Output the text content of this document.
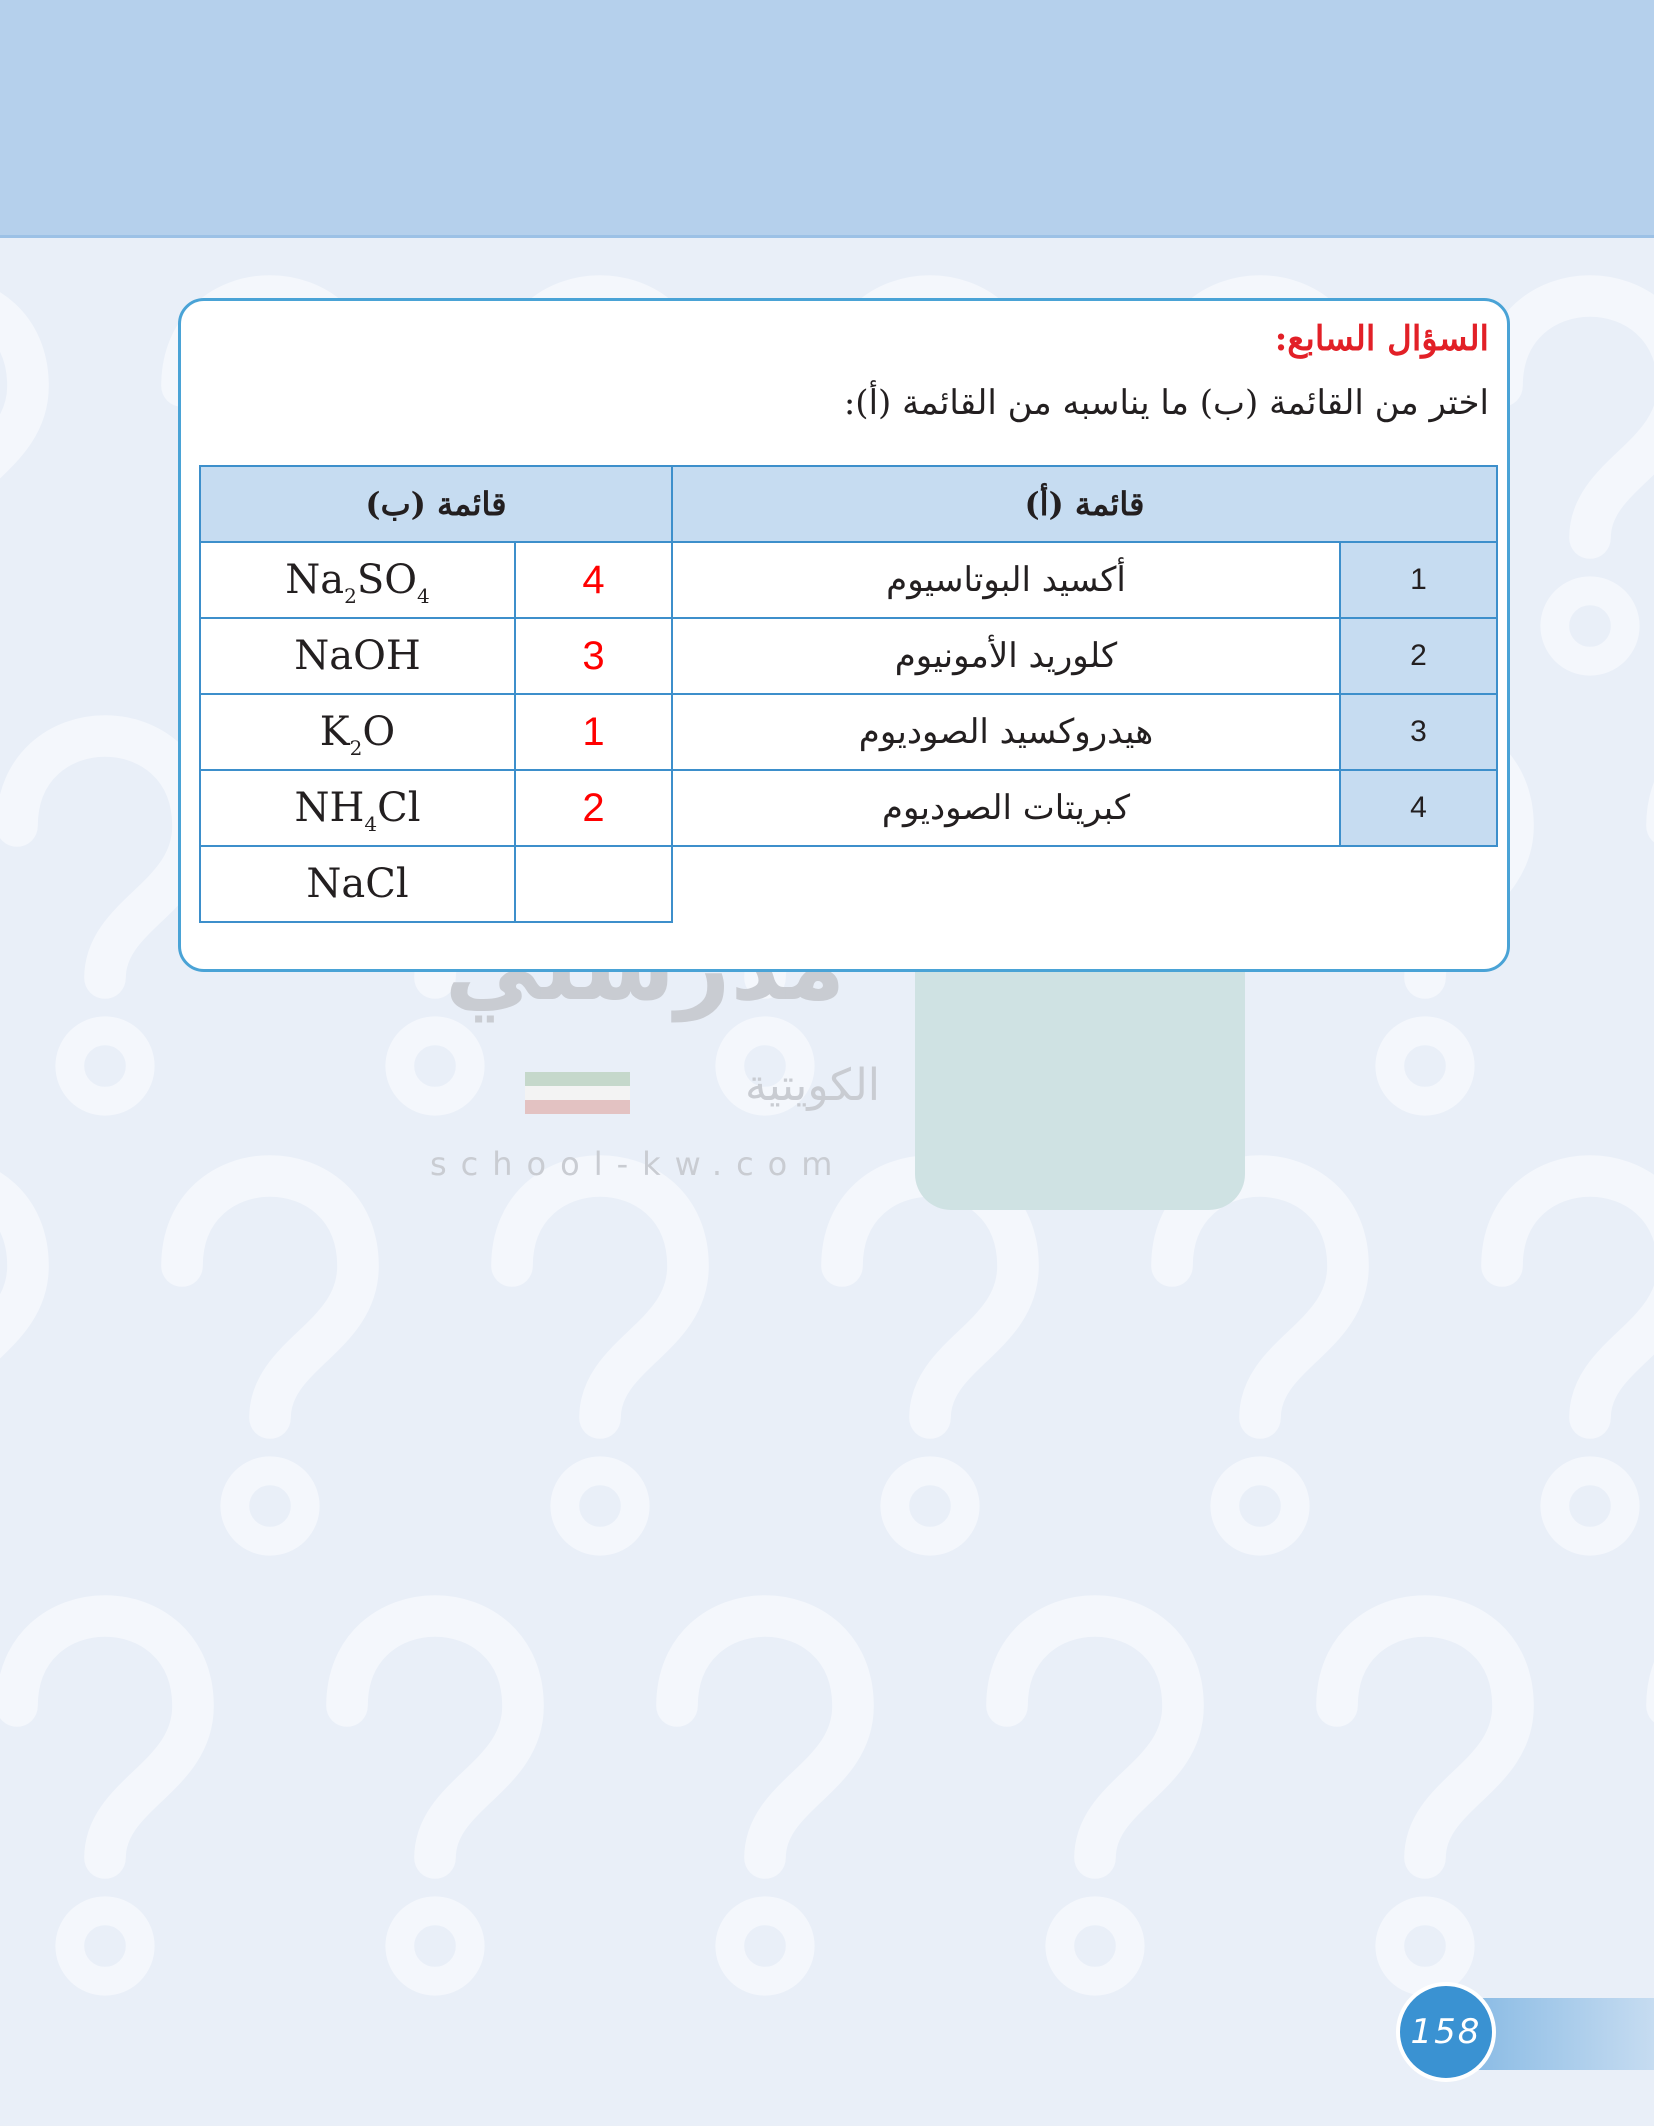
الكويتية
school-kw.com
السؤال السابع:
اختر من القائمة (ب) ما يناسبه من القائمة (أ):
قائمة (ب)		قائمة (أ)	
$Na_2SO_4$	4	أكسيد البوتاسيوم	1
NaOH	3	كلوريد الأمونيوم	2
$K_2O$	1	هيدروكسيد الصوديوم	3
$NH_4Cl$	2	كبريتات الصوديوم	4
NaCl			
158
